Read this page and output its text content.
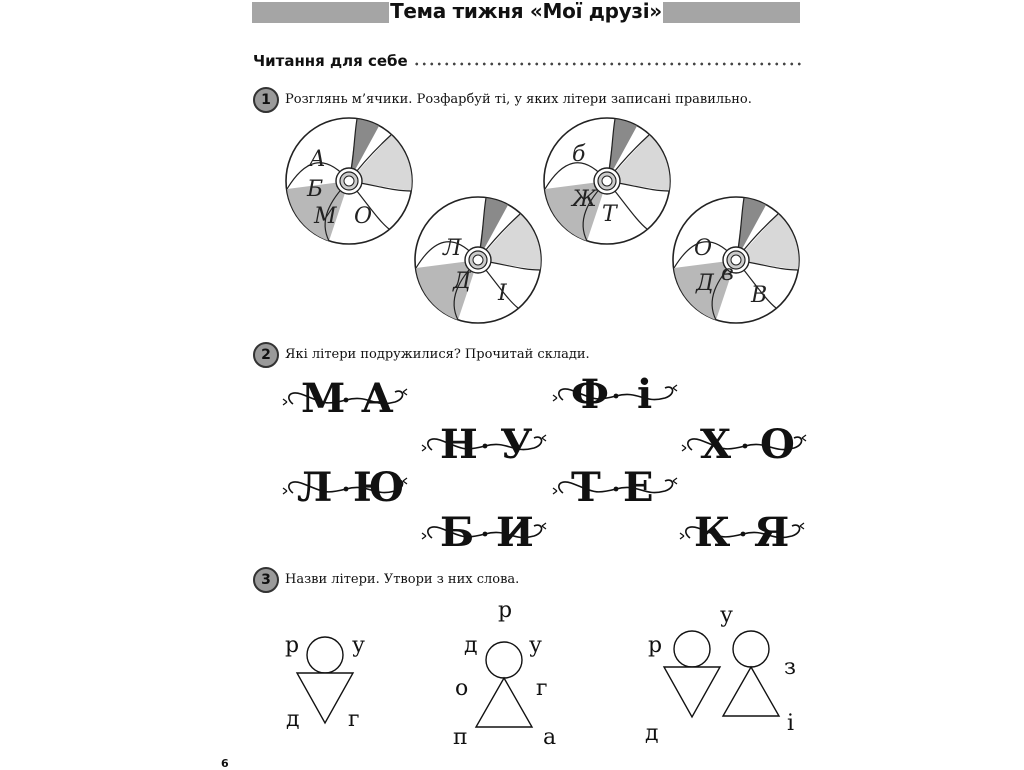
Тема тижня «Мої друзі»
Читання для себе
1	Розглянь м’ячики. Розфарбуй ті, у яких літери записані правильно.
А
Б
М О
Л
Д І
б
Ж
Т
О
Д в
В
2	Які літери подружилися? Прочитай склади.
М А	Ф і
Н У	Х О
Л Ю	Т Е
Б И	К Я
3	Назви літери. Утвори з них слова.
р у
д г
р
д у
о	г
п	а
у
р
з
д	і
6
